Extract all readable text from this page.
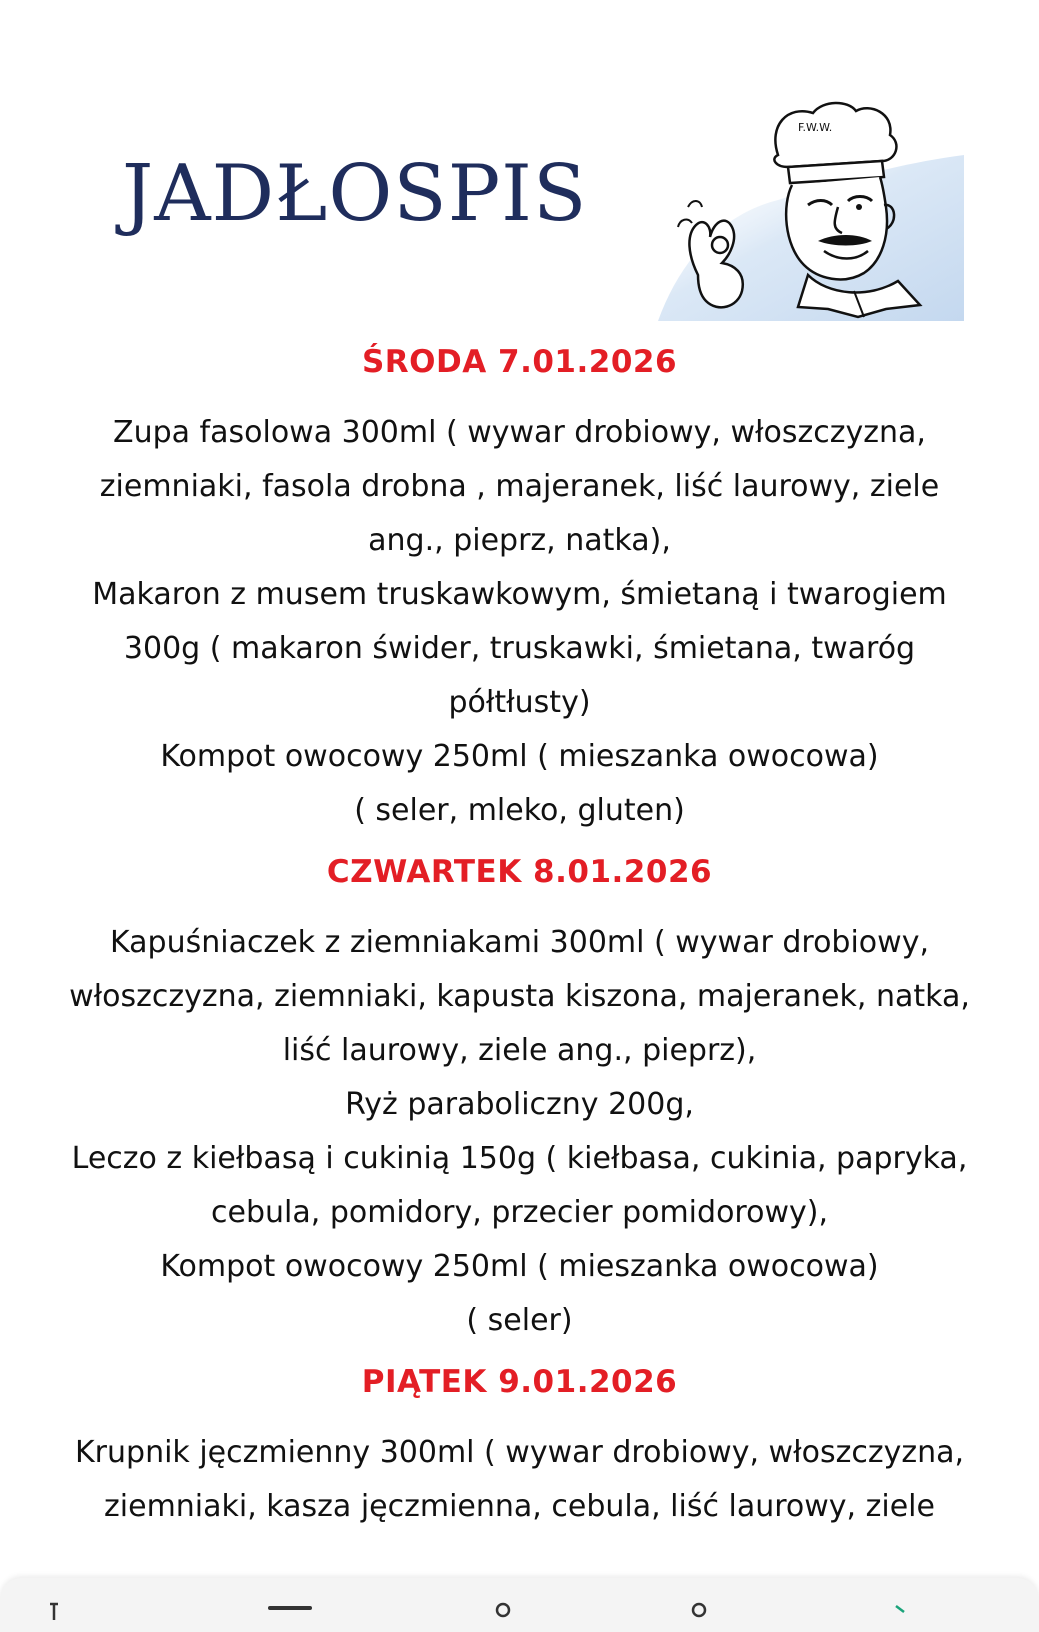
JADŁOSPIS
F.W.W.
ŚRODA 7.01.2026
Zupa fasolowa 300ml ( wywar drobiowy, włoszczyzna,
ziemniaki, fasola drobna , majeranek, liść laurowy, ziele
ang., pieprz, natka),
Makaron z musem truskawkowym, śmietaną i twarogiem
300g ( makaron świder, truskawki, śmietana, twaróg
półtłusty)
Kompot owocowy 250ml ( mieszanka owocowa)
( seler, mleko, gluten)
CZWARTEK 8.01.2026
Kapuśniaczek z ziemniakami 300ml ( wywar drobiowy,
włoszczyzna, ziemniaki, kapusta kiszona, majeranek, natka,
liść laurowy, ziele ang., pieprz),
Ryż paraboliczny 200g,
Leczo z kiełbasą i cukinią 150g ( kiełbasa, cukinia, papryka,
cebula, pomidory, przecier pomidorowy),
Kompot owocowy 250ml ( mieszanka owocowa)
( seler)
PIĄTEK 9.01.2026
Krupnik jęczmienny 300ml ( wywar drobiowy, włoszczyzna,
ziemniaki, kasza jęczmienna, cebula, liść laurowy, ziele
